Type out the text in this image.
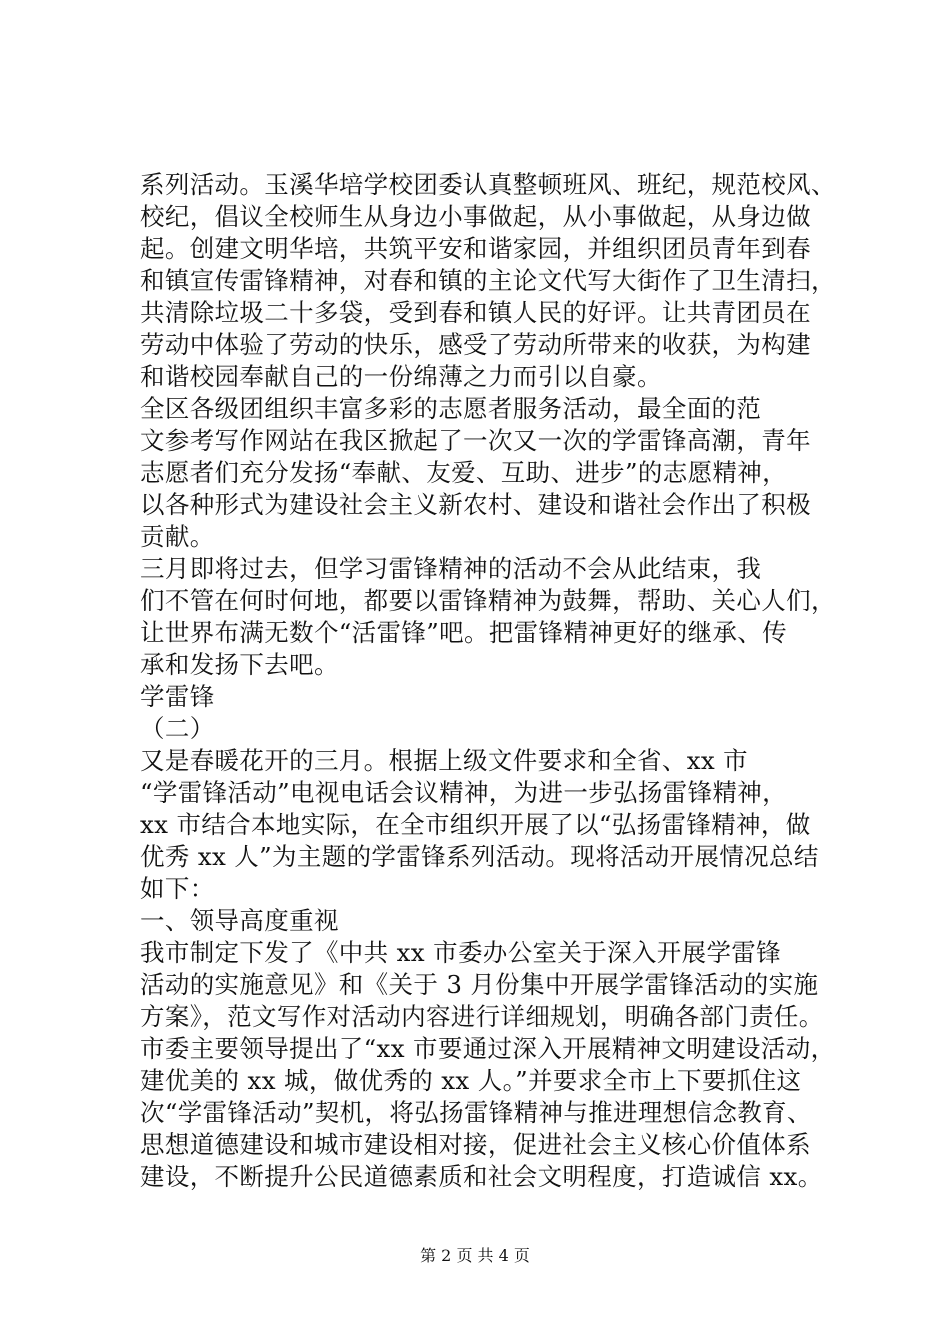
系列活动。玉溪华培学校团委认真整顿班风、班纪，规范校风、

校纪，倡议全校师生从身边小事做起，从小事做起，从身边做

起。创建文明华培，共筑平安和谐家园，并组织团员青年到春

和镇宣传雷锋精神，对春和镇的主论文代写大街作了卫生清扫，

共清除垃圾二十多袋，受到春和镇人民的好评。让共青团员在

劳动中体验了劳动的快乐，感受了劳动所带来的收获，为构建

和谐校园奉献自己的一份绵薄之力而引以自豪。

全区各级团组织丰富多彩的志愿者服务活动，最全面的范

文参考写作网站在我区掀起了一次又一次的学雷锋高潮，青年

志愿者们充分发扬“奉献、友爱、互助、进步”的志愿精神，

以各种形式为建设社会主义新农村、建设和谐社会作出了积极

贡献。

三月即将过去，但学习雷锋精神的活动不会从此结束，我

们不管在何时何地，都要以雷锋精神为鼓舞，帮助、关心人们，

让世界布满无数个“活雷锋”吧。把雷锋精神更好的继承、传

承和发扬下去吧。

学雷锋

（二）

又是春暖花开的三月。根据上级文件要求和全省、xx 市

“学雷锋活动”电视电话会议精神，为进一步弘扬雷锋精神，

xx 市结合本地实际，在全市组织开展了以“弘扬雷锋精神，做

优秀 xx 人”为主题的学雷锋系列活动。现将活动开展情况总结

如下：

一、领导高度重视

我市制定下发了《中共 xx 市委办公室关于深入开展学雷锋

活动的实施意见》和《关于 3 月份集中开展学雷锋活动的实施

方案》，范文写作对活动内容进行详细规划，明确各部门责任。

市委主要领导提出了“xx 市要通过深入开展精神文明建设活动，

建优美的 xx 城，做优秀的 xx 人。”并要求全市上下要抓住这

次“学雷锋活动”契机，将弘扬雷锋精神与推进理想信念教育、

思想道德建设和城市建设相对接，促进社会主义核心价值体系

建设，不断提升公民道德素质和社会文明程度，打造诚信 xx。

第 2 页 共 4 页
